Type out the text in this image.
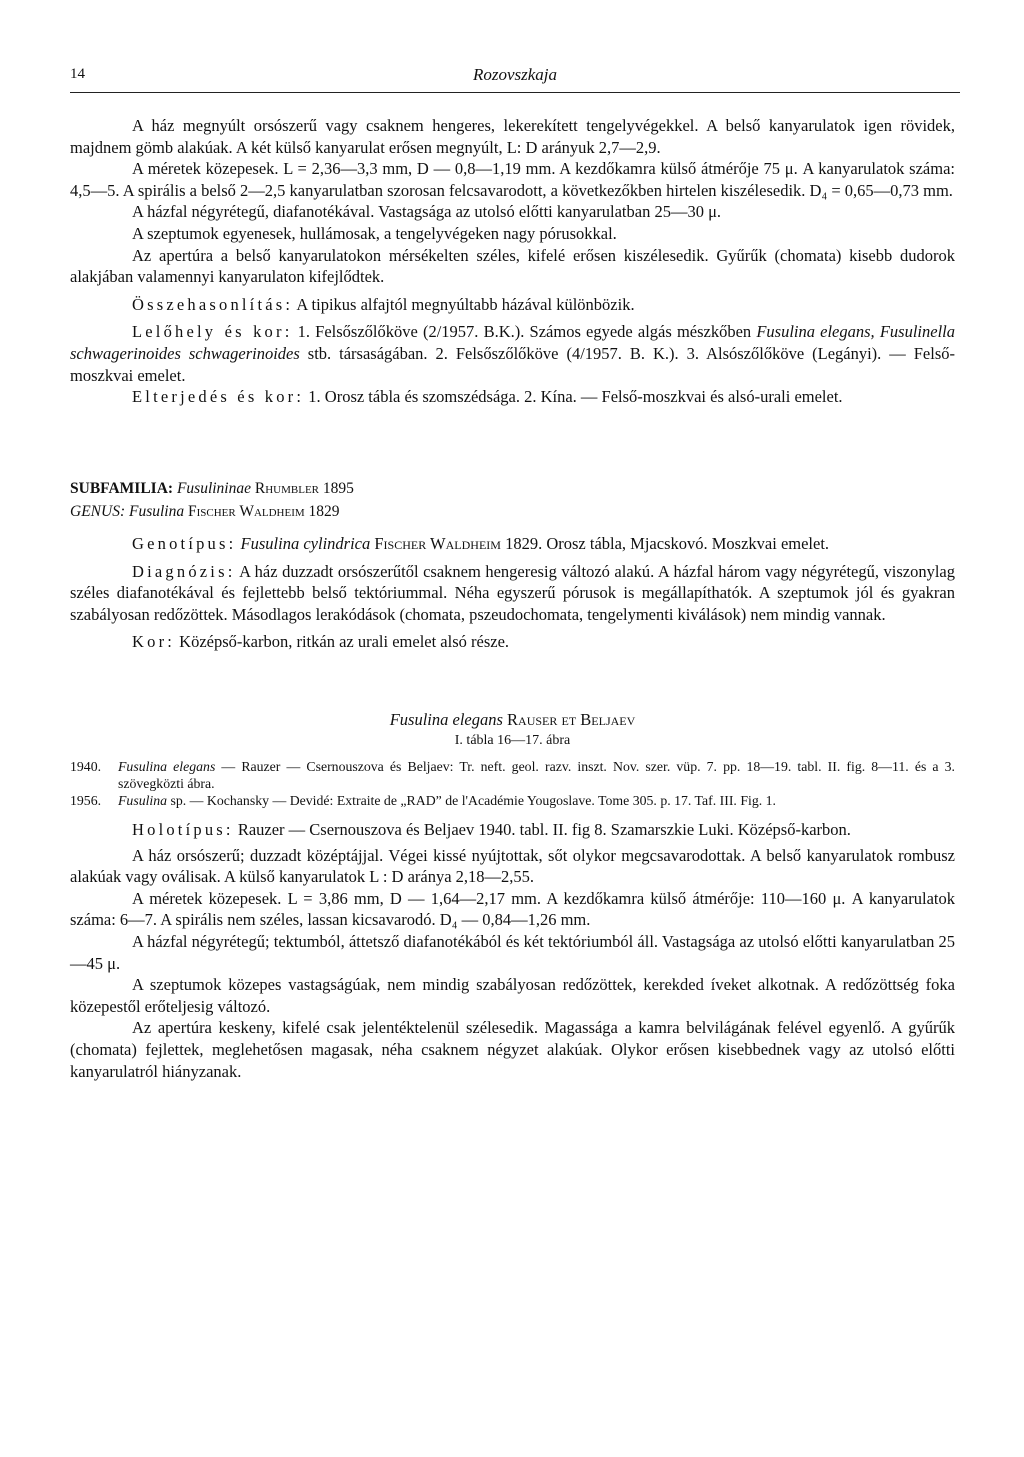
14	Rozovszkaja

A ház megnyúlt orsószerű vagy csaknem hengeres, lekerekített tengelyvégekkel. A belső kanyarulatok igen rövidek, majdnem gömb alakúak. A két külső kanyarulat erősen megnyúlt, L: D arányuk 2,7—2,9.

A méretek közepesek. L = 2,36—3,3 mm, D — 0,8—1,19 mm. A kezdőkamra külső átmérője 75 μ. A kanyarulatok száma: 4,5—5. A spirális a belső 2—2,5 kanyarulatban szorosan felcsavarodott, a következőkben hirtelen kiszélesedik. D₄ = 0,65—0,73 mm.

A házfal négyrétegű, diafanotékával. Vastagsága az utolsó előtti kanyarulatban 25—30 μ.

A szeptumok egyenesek, hullámosak, a tengelyvégeken nagy pórusokkal.

Az apertúra a belső kanyarulatokon mérsékelten széles, kifelé erősen kiszélesedik. Gyűrűk (chomata) kisebb dudorok alakjában valamennyi kanyarulaton kifejlődtek.

Összehasonlítás: A tipikus alfajtól megnyúltabb házával különbözik.

Lelőhely és kor: 1. Felsőszőlőköve (2/1957. B.K.). Számos egyede algás mészkőben Fusulina elegans, Fusulinella schwagerinoides schwagerinoides stb. társaságában. 2. Felsőszőlőköve (4/1957. B. K.). 3. Alsószőlőköve (Legányi). — Felső-moszkvai emelet.

Elterjedés és kor: 1. Orosz tábla és szomszédsága. 2. Kína. — Felső-moszkvai és alsó-urali emelet.

SUBFAMILIA: Fusulininae Rhumbler 1895

GENUS: Fusulina Fischer Waldheim 1829

Genotípus: Fusulina cylindrica Fischer Waldheim 1829. Orosz tábla, Mjacskovó. Moszkvai emelet.

Diagnózis: A ház duzzadt orsószerűtől csaknem hengeresig változó alakú. A házfal három vagy négyrétegű, viszonylag széles diafanotékával és fejlettebb belső tektóriummal. Néha egyszerű pórusok is megállapíthatók. A szeptumok jól és gyakran szabályosan redőzöttek. Másodlagos lerakódások (chomata, pszeudochomata, tengelymenti kiválások) nem mindig vannak.

Kor: Középső-karbon, ritkán az urali emelet alsó része.

Fusulina elegans Rauser et Beljaev

I. tábla 16—17. ábra

1940.	Fusulina elegans — Rauzer — Csernouszova és Beljaev: Tr. neft. geol. razv. inszt. Nov. szer. vüp. 7. pp. 18—19. tabl. II. fig. 8—11. és a 3. szövegközti ábra.
1956.	Fusulina sp. — Kochansky — Devidé: Extraite de „RAD” de l'Académie Yougoslave. Tome 305. p. 17. Taf. III. Fig. 1.

Holotípus: Rauzer — Csernouszova és Beljaev 1940. tabl. II. fig 8. Szamarszkie Luki. Középső-karbon.

A ház orsószerű; duzzadt középtájjal. Végei kissé nyújtottak, sőt olykor megcsavarodottak. A belső kanyarulatok rombusz alakúak vagy oválisak. A külső kanyarulatok L : D aránya 2,18—2,55.

A méretek közepesek. L = 3,86 mm, D — 1,64—2,17 mm. A kezdőkamra külső átmérője: 110—160 μ. A kanyarulatok száma: 6—7. A spirális nem széles, lassan kicsavarodó. D₄ — 0,84—1,26 mm.

A házfal négyrétegű; tektumból, áttetsző diafanotékából és két tektóriumból áll. Vastagsága az utolsó előtti kanyarulatban 25—45 μ.

A szeptumok közepes vastagságúak, nem mindig szabályosan redőzöttek, kerekded íveket alkotnak. A redőzöttség foka közepestől erőteljesig változó.

Az apertúra keskeny, kifelé csak jelentéktelenül szélesedik. Magassága a kamra belvilágának felével egyenlő. A gyűrűk (chomata) fejlettek, meglehetősen magasak, néha csaknem négyzet alakúak. Olykor erősen kisebbednek vagy az utolsó előtti kanyarulatról hiányzanak.
